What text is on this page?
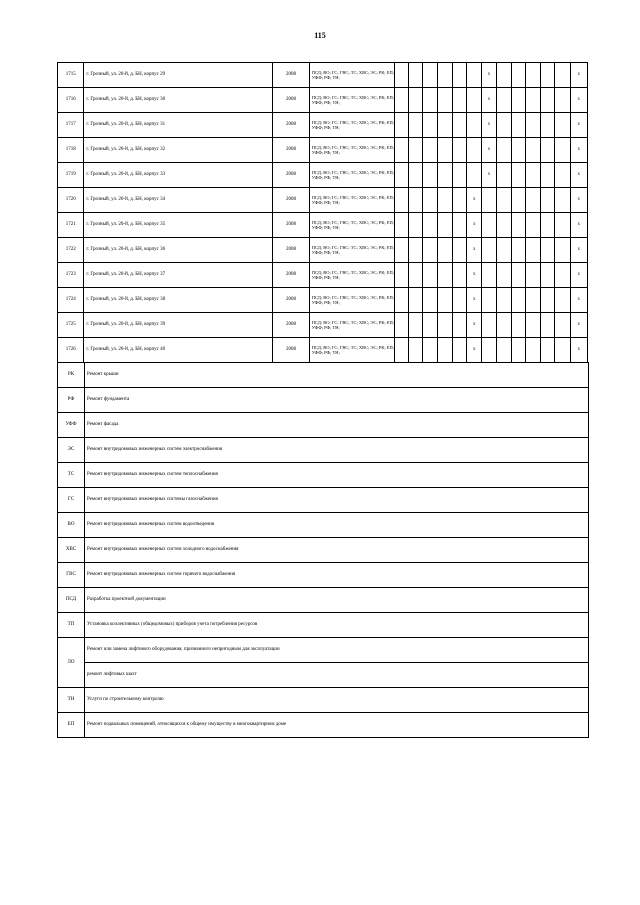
115
1715	г. Грозный, ул. 20-й, д. БН, корпус 29	2008	ПСД; ВО; ГС; ГВС; ТС; ХВС; ЭС; РК; ЕП; УФФ; РФ; ТН;							x						x
1716	г. Грозный, ул. 20-й, д. БН, корпус 30	2008	ПСД; ВО; ГС; ГВС; ТС; ХВС; ЭС; РК; ЕП; УФФ; РФ; ТН;							x						x
1717	г. Грозный, ул. 20-й, д. БН, корпус 31	2008	ПСД; ВО; ГС; ГВС; ТС; ХВС; ЭС; РК; ЕП; УФФ; РФ; ТН;							x						x
1718	г. Грозный, ул. 20-й, д. БН, корпус 32	2008	ПСД; ВО; ГС; ГВС; ТС; ХВС; ЭС; РК; ЕП; УФФ; РФ; ТН;							x						x
1719	г. Грозный, ул. 20-й, д. БН, корпус 33	2008	ПСД; ВО; ГС; ГВС; ТС; ХВС; ЭС; РК; ЕП; УФФ; РФ; ТН;							x						x
1720	г. Грозный, ул. 20-й, д. БН, корпус 34	2008	ПСД; ВО; ГС; ГВС; ТС; ХВС; ЭС; РК; ЕП; УФФ; РФ; ТН;						x							x
1721	г. Грозный, ул. 20-й, д. БН, корпус 35	2008	ПСД; ВО; ГС; ГВС; ТС; ХВС; ЭС; РК; ЕП; УФФ; РФ; ТН;						x							x
1722	г. Грозный, ул. 20-й, д. БН, корпус 36	2008	ПСД; ВО; ГС; ГВС; ТС; ХВС; ЭС; РК; ЕП; УФФ; РФ; ТН;						x							x
1723	г. Грозный, ул. 20-й, д. БН, корпус 37	2008	ПСД; ВО; ГС; ГВС; ТС; ХВС; ЭС; РК; ЕП; УФФ; РФ; ТН;						x							x
1724	г. Грозный, ул. 20-й, д. БН, корпус 38	2008	ПСД; ВО; ГС; ГВС; ТС; ХВС; ЭС; РК; ЕП; УФФ; РФ; ТН;						x							x
1725	г. Грозный, ул. 20-й, д. БН, корпус 39	2008	ПСД; ВО; ГС; ГВС; ТС; ХВС; ЭС; РК; ЕП; УФФ; РФ; ТН;						x							x
1726	г. Грозный, ул. 20-й, д. БН, корпус 40	2008	ПСД; ВО; ГС; ГВС; ТС; ХВС; ЭС; РК; ЕП; УФФ; РФ; ТН;						x							x
РК	Ремонт крыши
РФ	Ремонт фундамента
УФФ	Ремонт фасада
ЭС	Ремонт внутридомовых инженерных систем электроснабжения
ТС	Ремонт внутридомовых инженерных систем теплоснабжения
ГС	Ремонт внутридомовых инженерных системы газоснабжения
ВО	Ремонт внутридомовых инженерных систем водоотведения
ХВС	Ремонт внутридомовых инженерных систем холодного водоснабжения
ГВС	Ремонт внутридомовых инженерных систем горячего водоснабжения
ПСД	Разработка проектной документации
ТП	Установка коллективных (общедомовых) приборов учета потребления ресурсов
ЛО	Ремонт или замена лифтового оборудования, признанного непригодным для эксплуатации
	ремонт лифтовых шахт
ТН	Услуги по строительному контролю
ЕП	Ремонт подвальных помещений, относящихся к общему имуществу в многоквартирном доме
